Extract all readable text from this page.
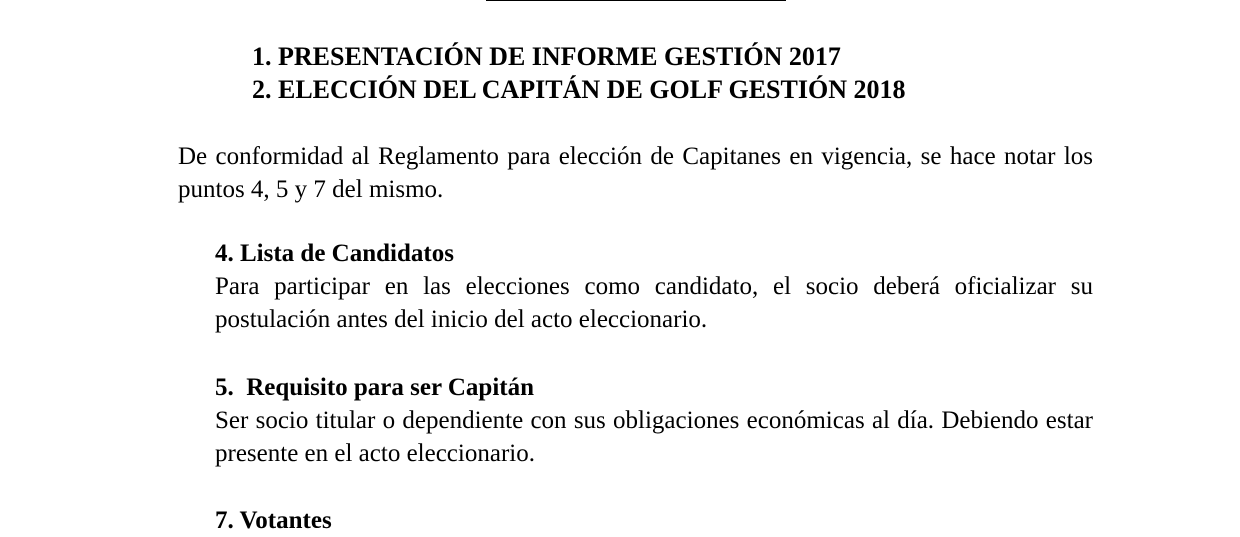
1. PRESENTACIÓN DE INFORME GESTIÓN 2017
2. ELECCIÓN DEL CAPITÁN DE GOLF GESTIÓN 2018

De conformidad al Reglamento para elección de Capitanes en vigencia, se hace notar los puntos 4, 5 y 7 del mismo.

4. Lista de Candidatos

Para participar en las elecciones como candidato, el socio deberá oficializar su postulación antes del inicio del acto eleccionario.

5.  Requisito para ser Capitán

Ser socio titular o dependiente con sus obligaciones económicas al día. Debiendo estar presente en el acto eleccionario.

7. Votantes
